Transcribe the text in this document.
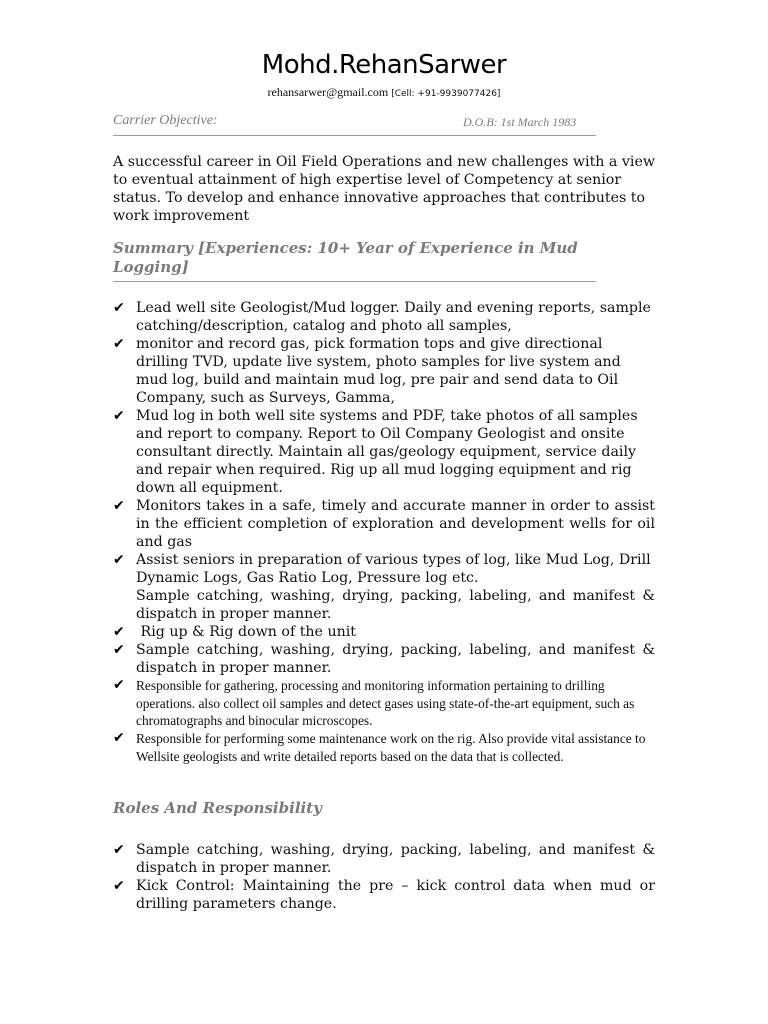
Mohd.RehanSarwer
rehansarwer@gmail.com [Cell: +91-9939077426]
Carrier Objective:	D.O.B: 1st March 1983

A successful career in Oil Field Operations and new challenges with a view to eventual attainment of high expertise level of Competency at senior status. To develop and enhance innovative approaches that contributes to work improvement

Summary [Experiences: 10+ Year of Experience in Mud Logging]
✔ Lead well site Geologist/Mud logger. Daily and evening reports, sample catching/description, catalog and photo all samples,
✔ monitor and record gas, pick formation tops and give directional drilling TVD, update live system, photo samples for live system and mud log, build and maintain mud log, pre pair and send data to Oil Company, such as Surveys, Gamma,
✔ Mud log in both well site systems and PDF, take photos of all samples and report to company. Report to Oil Company Geologist and onsite consultant directly. Maintain all gas/geology equipment, service daily and repair when required. Rig up all mud logging equipment and rig down all equipment.
✔ Monitors takes in a safe, timely and accurate manner in order to assist in the efficient completion of exploration and development wells for oil and gas
✔ Assist seniors in preparation of various types of log, like Mud Log, Drill Dynamic Logs, Gas Ratio Log, Pressure log etc.
Sample catching, washing, drying, packing, labeling, and manifest & dispatch in proper manner.
✔ Rig up & Rig down of the unit
✔ Sample catching, washing, drying, packing, labeling, and manifest & dispatch in proper manner.
✔ Responsible for gathering, processing and monitoring information pertaining to drilling operations. also collect oil samples and detect gases using state-of-the-art equipment, such as chromatographs and binocular microscopes.
✔ Responsible for performing some maintenance work on the rig. Also provide vital assistance to Wellsite geologists and write detailed reports based on the data that is collected.
Roles And Responsibility
✔ Sample catching, washing, drying, packing, labeling, and manifest & dispatch in proper manner.
✔ Kick Control: Maintaining the pre – kick control data when mud or drilling parameters change.
